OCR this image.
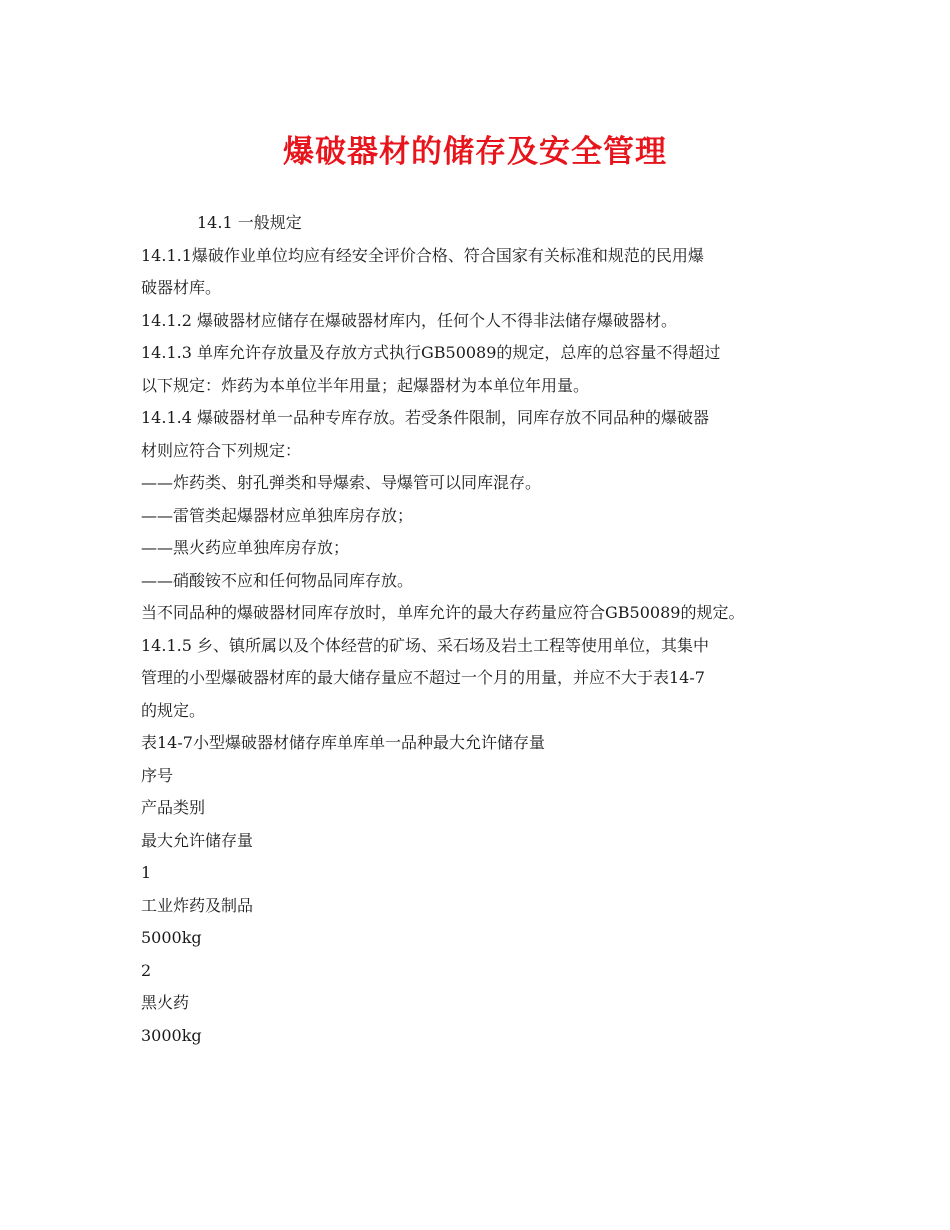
爆破器材的储存及安全管理
14.1 一般规定
14.1.1爆破作业单位均应有经安全评价合格、符合国家有关标准和规范的民用爆
破器材库。
14.1.2 爆破器材应储存在爆破器材库内，任何个人不得非法储存爆破器材。
14.1.3 单库允许存放量及存放方式执行GB50089的规定，总库的总容量不得超过
以下规定：炸药为本单位半年用量；起爆器材为本单位年用量。
14.1.4 爆破器材单一品种专库存放。若受条件限制，同库存放不同品种的爆破器
材则应符合下列规定：
——炸药类、射孔弹类和导爆索、导爆管可以同库混存。
——雷管类起爆器材应单独库房存放；
——黑火药应单独库房存放；
——硝酸铵不应和任何物品同库存放。
当不同品种的爆破器材同库存放时，单库允许的最大存药量应符合GB50089的规定。
14.1.5 乡、镇所属以及个体经营的矿场、采石场及岩土工程等使用单位，其集中
管理的小型爆破器材库的最大储存量应不超过一个月的用量，并应不大于表14-7
的规定。
表14-7小型爆破器材储存库单库单一品种最大允许储存量
序号
产品类别
最大允许储存量
1
工业炸药及制品
5000kg
2
黑火药
3000kg
